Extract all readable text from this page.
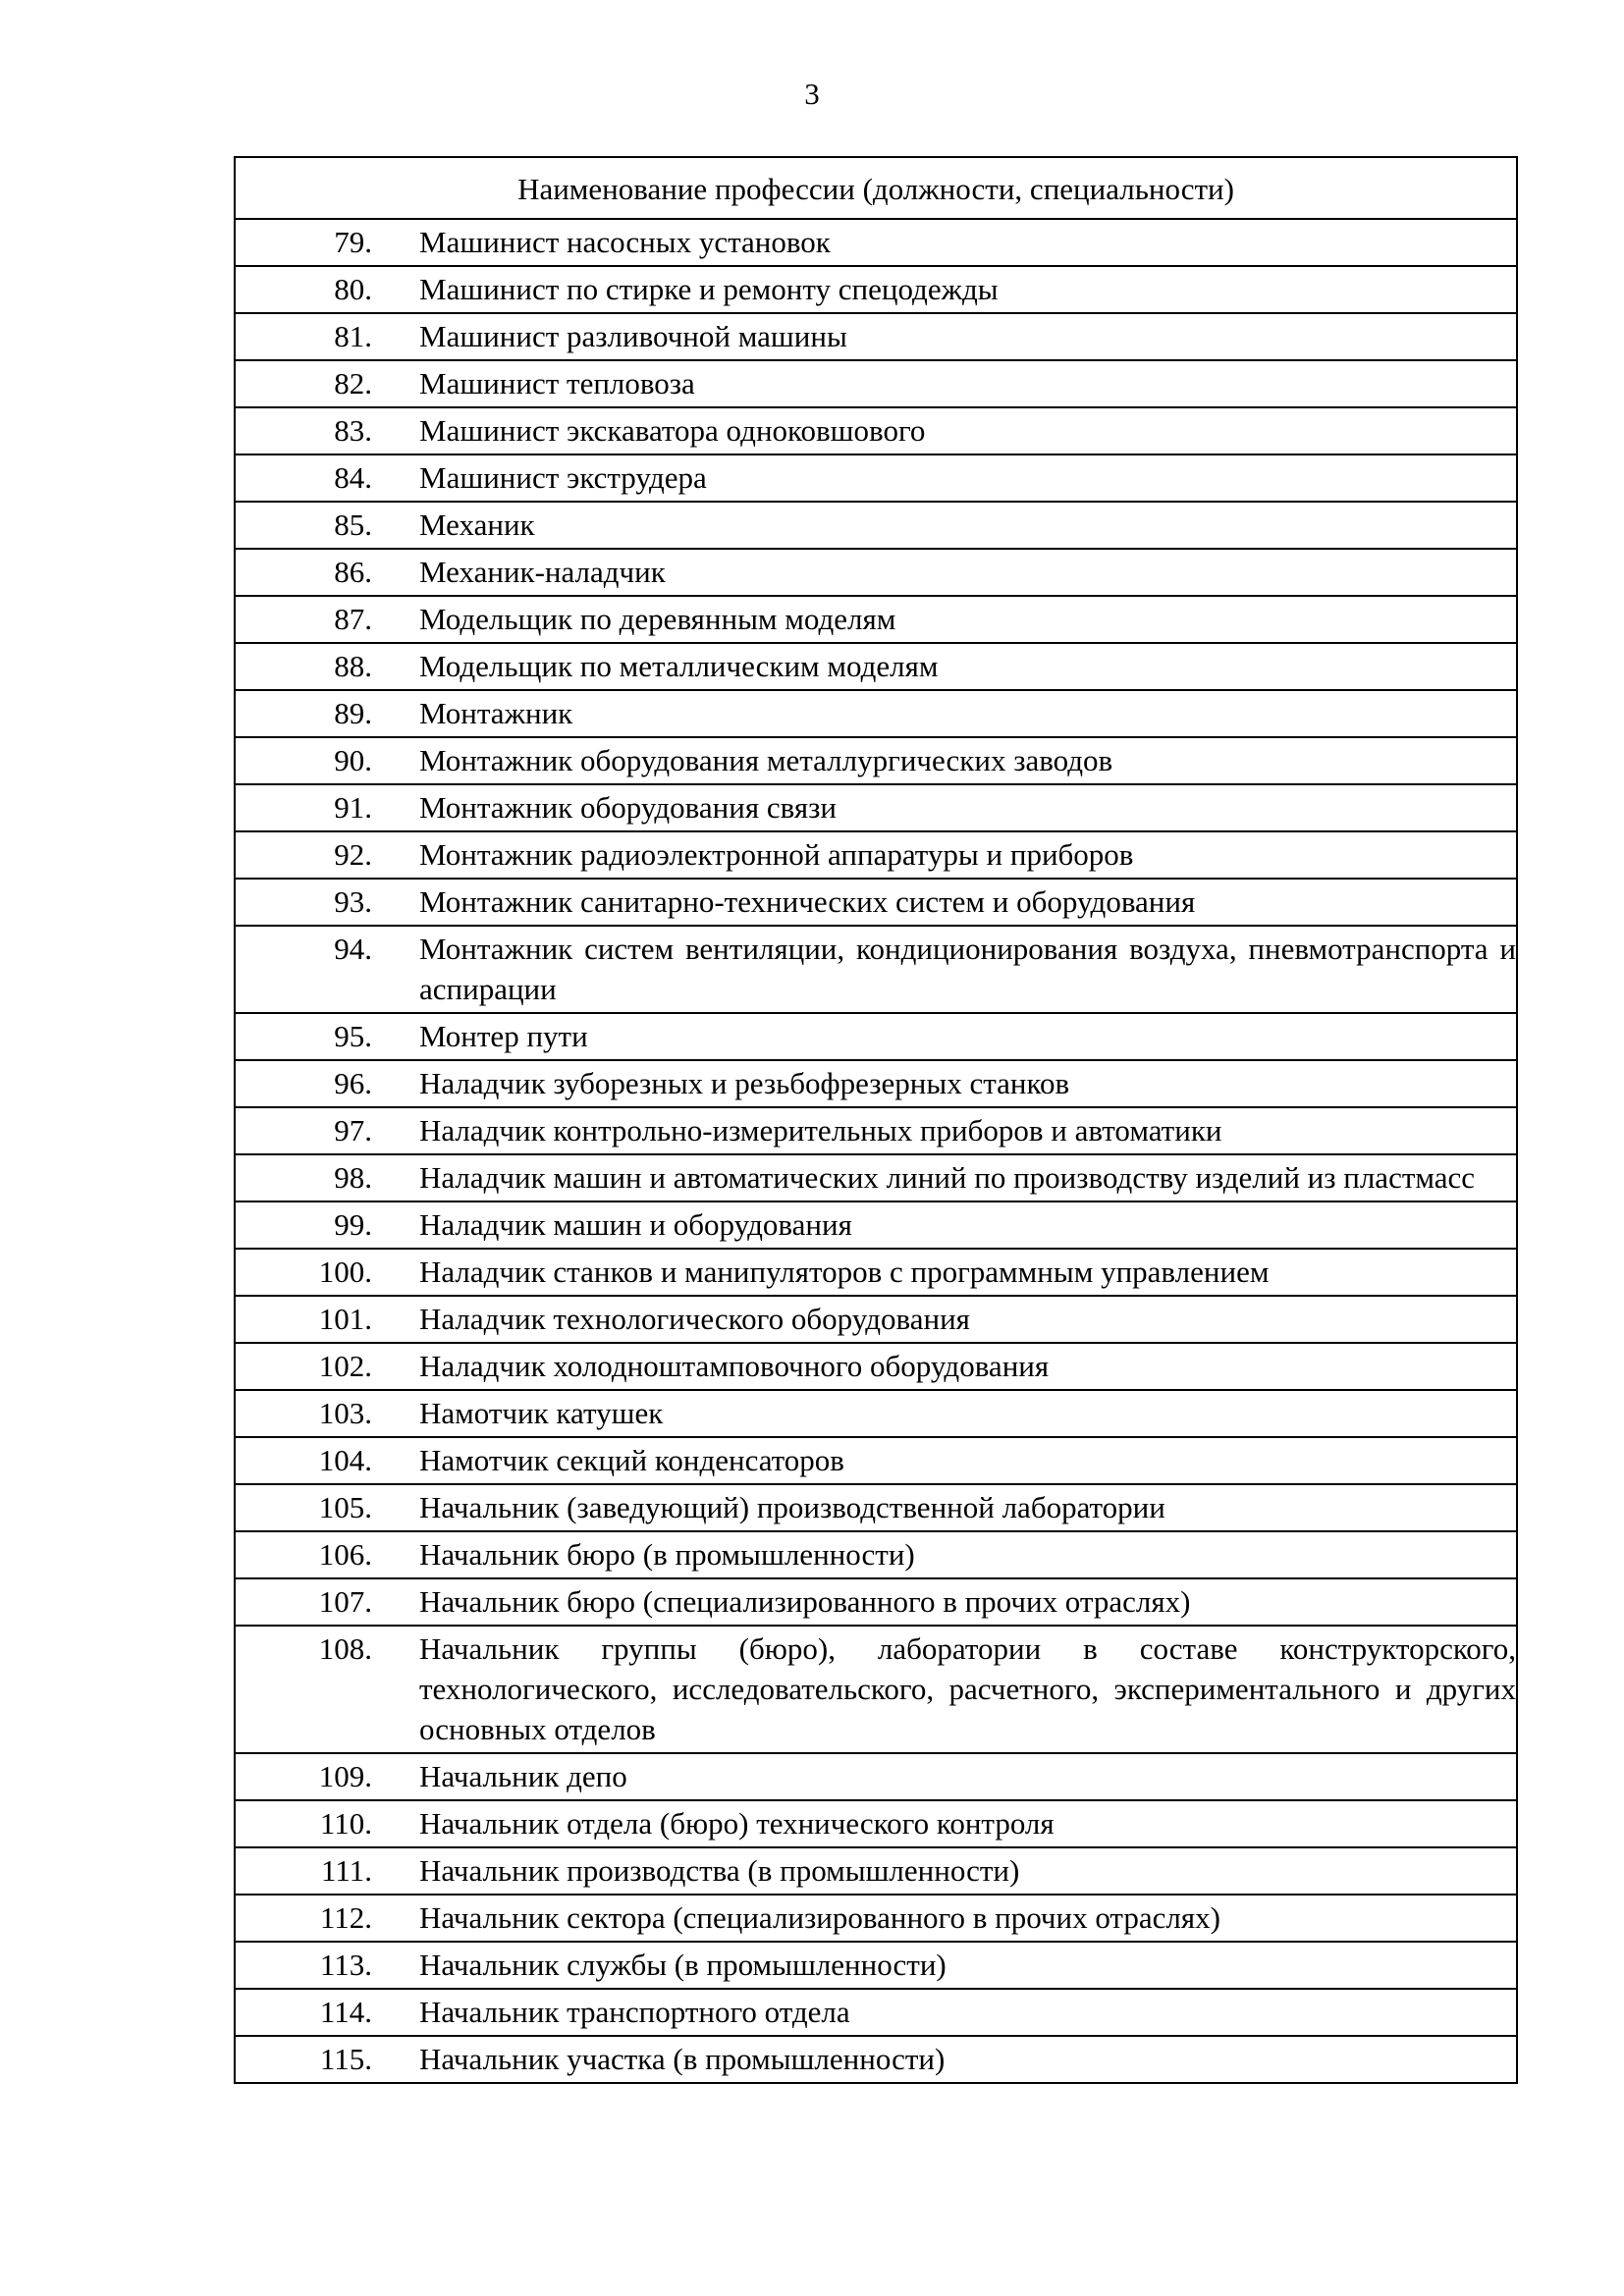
3
Наименование профессии (должности, специальности)	
79.	Машинист насосных установок
80.	Машинист по стирке и ремонту спецодежды
81.	Машинист разливочной машины
82.	Машинист тепловоза
83.	Машинист экскаватора одноковшового
84.	Машинист экструдера
85.	Механик
86.	Механик-наладчик
87.	Модельщик по деревянным моделям
88.	Модельщик по металлическим моделям
89.	Монтажник
90.	Монтажник оборудования металлургических заводов
91.	Монтажник оборудования связи
92.	Монтажник радиоэлектронной аппаратуры и приборов
93.	Монтажник санитарно-технических систем и оборудования
94.	Монтажник систем вентиляции, кондиционирования воздуха, пневмотранспорта и аспирации
95.	Монтер пути
96.	Наладчик зуборезных и резьбофрезерных станков
97.	Наладчик контрольно-измерительных приборов и автоматики
98.	Наладчик машин и автоматических линий по производству изделий из пластмасс
99.	Наладчик машин и оборудования
100.	Наладчик станков и манипуляторов с программным управлением
101.	Наладчик технологического оборудования
102.	Наладчик холодноштамповочного оборудования
103.	Намотчик катушек
104.	Намотчик секций конденсаторов
105.	Начальник (заведующий) производственной лаборатории
106.	Начальник бюро (в промышленности)
107.	Начальник бюро (специализированного в прочих отраслях)
108.	Начальник группы (бюро), лаборатории в составе конструкторского, технологического, исследовательского, расчетного, экспериментального и других основных отделов
109.	Начальник депо
110.	Начальник отдела (бюро) технического контроля
111.	Начальник производства (в промышленности)
112.	Начальник сектора (специализированного в прочих отраслях)
113.	Начальник службы (в промышленности)
114.	Начальник транспортного отдела
115.	Начальник участка (в промышленности)
